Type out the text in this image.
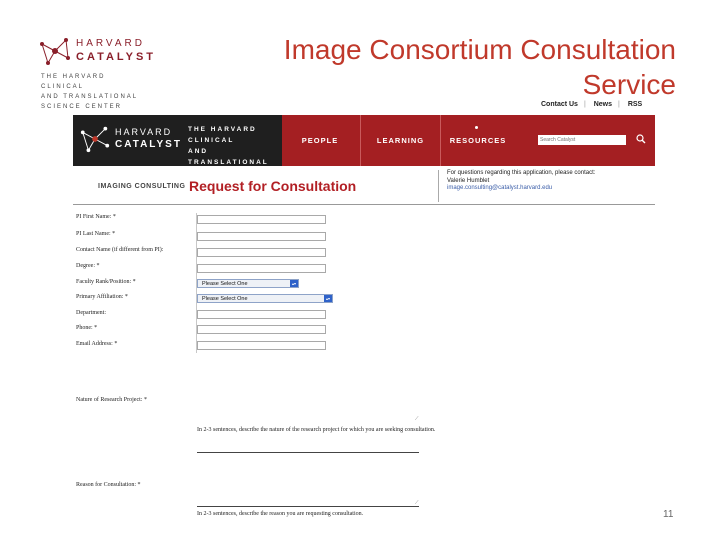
HARVARD
CATALYST
THE HARVARD CLINICAL
AND TRANSLATIONAL
SCIENCE CENTER
Image Consortium Consultation Service
Contact Us | News | RSS
HARVARD
CATALYST
THE HARVARD CLINICAL
AND TRANSLATIONAL
SCIENCE CENTER
PEOPLE	LEARNING	RESOURCES
Search Catalyst
IMAGING CONSULTING Request for Consultation
For questions regarding this application, please contact:
Valerie Humblet
image.consulting@catalyst.harvard.edu
PI First Name: *
PI Last Name: *
Contact Name (if different from PI):
Degree: *
Faculty Rank/Position: *	Please Select One	▴▾
Primary Affiliation: *	Please Select One	▴▾
Department:
Phone: *
Email Address: *
Nature of Research Project: *
⟋
In 2-3 sentences, describe the nature of the research project for which you are seeking consultation.
Reason for Consultation: *
⟋
In 2-3 sentences, describe the reason you are requesting consultation.	11
